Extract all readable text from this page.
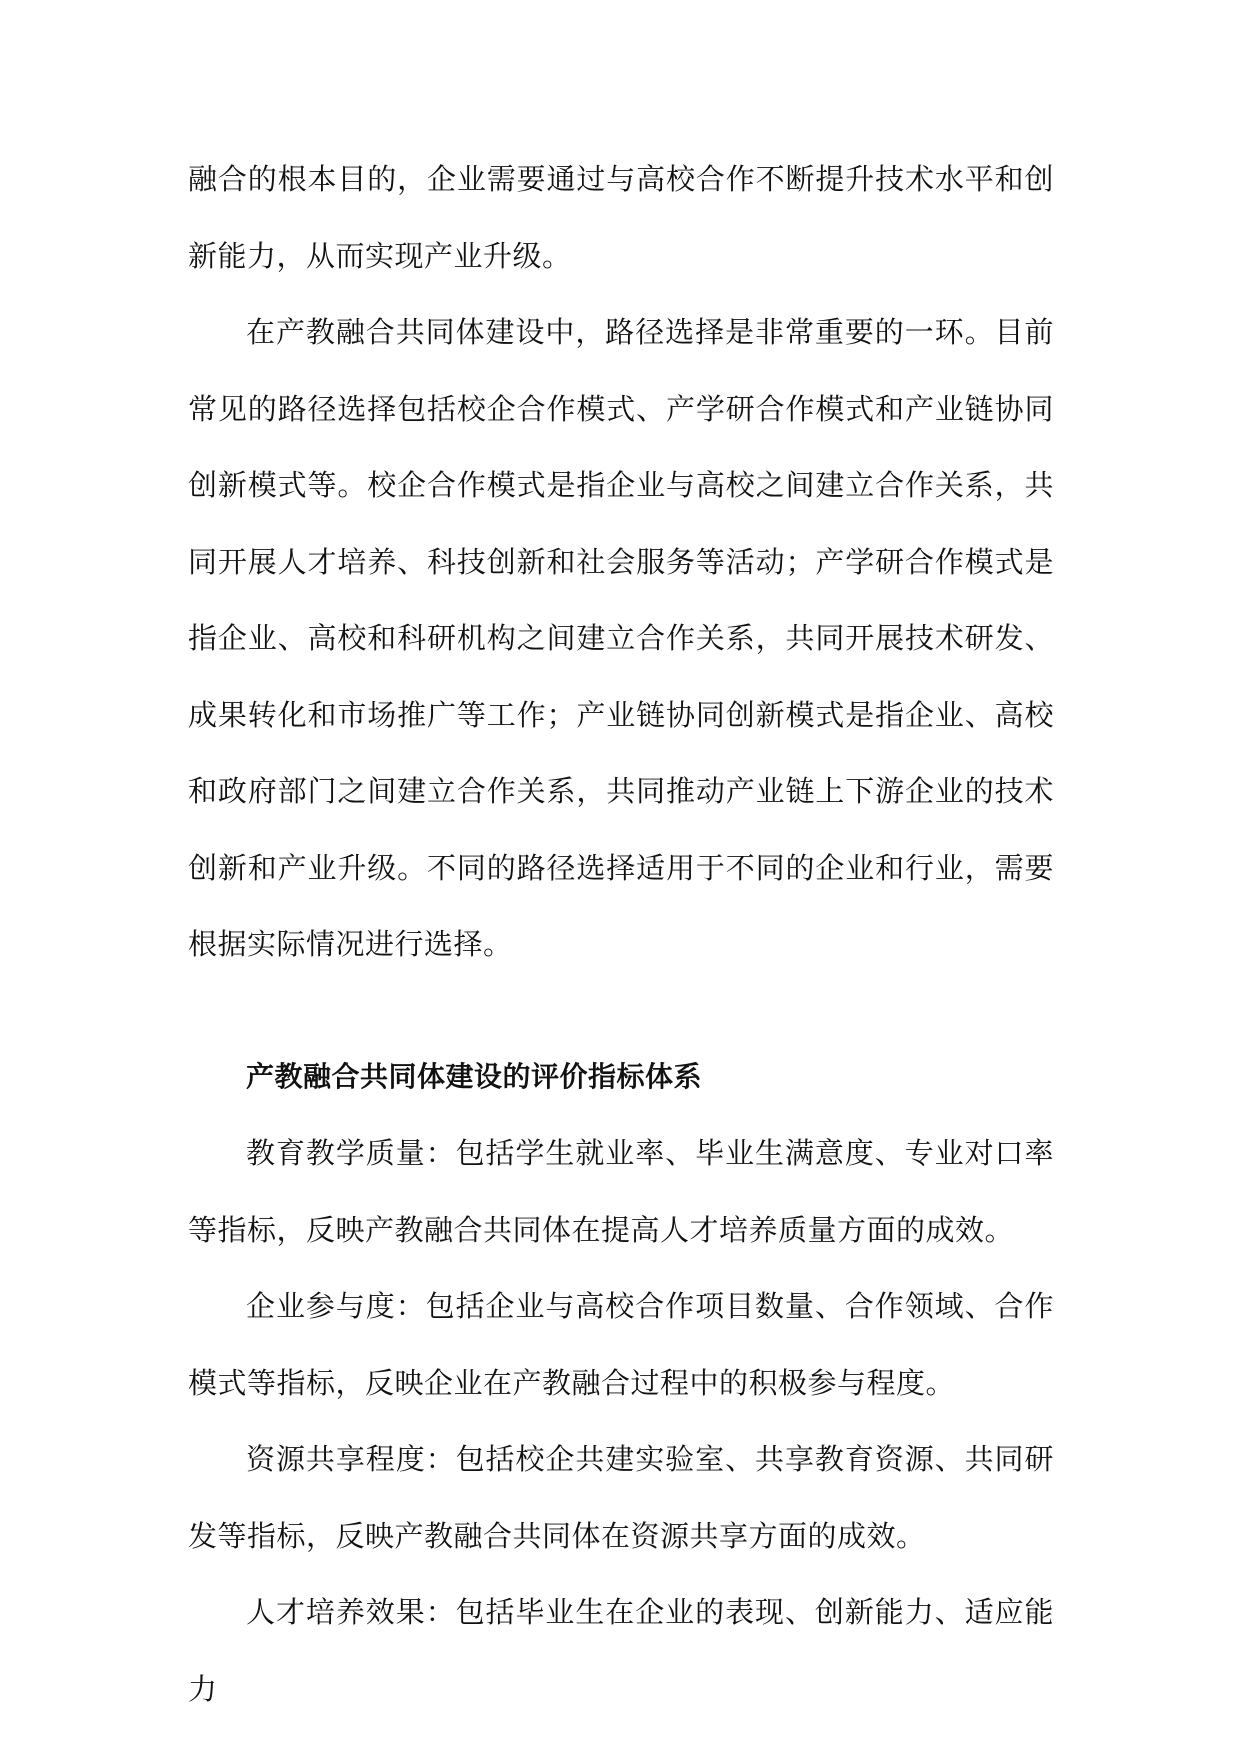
融合的根本目的，企业需要通过与高校合作不断提升技术水平和创新能力，从而实现产业升级。

在产教融合共同体建设中，路径选择是非常重要的一环。目前常见的路径选择包括校企合作模式、产学研合作模式和产业链协同创新模式等。校企合作模式是指企业与高校之间建立合作关系，共同开展人才培养、科技创新和社会服务等活动；产学研合作模式是指企业、高校和科研机构之间建立合作关系，共同开展技术研发、成果转化和市场推广等工作；产业链协同创新模式是指企业、高校和政府部门之间建立合作关系，共同推动产业链上下游企业的技术创新和产业升级。不同的路径选择适用于不同的企业和行业，需要根据实际情况进行选择。

产教融合共同体建设的评价指标体系

教育教学质量：包括学生就业率、毕业生满意度、专业对口率等指标，反映产教融合共同体在提高人才培养质量方面的成效。

企业参与度：包括企业与高校合作项目数量、合作领域、合作模式等指标，反映企业在产教融合过程中的积极参与程度。

资源共享程度：包括校企共建实验室、共享教育资源、共同研发等指标，反映产教融合共同体在资源共享方面的成效。

人才培养效果：包括毕业生在企业的表现、创新能力、适应能力
